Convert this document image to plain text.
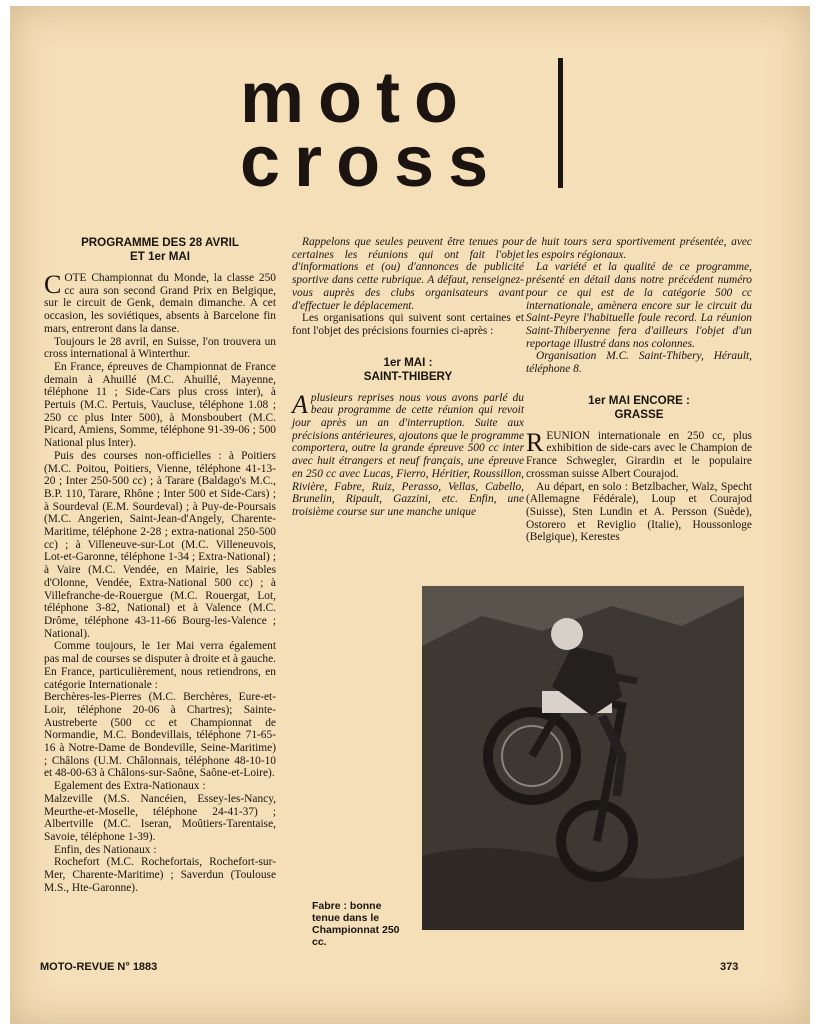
moto
cross
PROGRAMME DES 28 AVRIL
ET 1er MAI

COTE Championnat du Monde, la classe 250 cc aura son second Grand Prix en Belgique, sur le circuit de Genk, demain dimanche. A cet occasion, les soviétiques, absents à Barcelone fin mars, entreront dans la danse.

Toujours le 28 avril, en Suisse, l'on trouvera un cross international à Winterthur.

En France, épreuves de Championnat de France demain à Ahuillé (M.C. Ahuillé, Mayenne, téléphone 11 ; Side-Cars plus cross inter), à Pertuis (M.C. Pertuis, Vaucluse, téléphone 1.08 ; 250 cc plus Inter 500), à Monsboubert (M.C. Picard, Amiens, Somme, téléphone 91-39-06 ; 500 National plus Inter).

Puis des courses non-officielles : à Poitiers (M.C. Poitou, Poitiers, Vienne, téléphone 41-13-20 ; Inter 250-500 cc) ; à Tarare (Baldago's M.C., B.P. 110, Tarare, Rhône ; Inter 500 et Side-Cars) ; à Sourdeval (E.M. Sourdeval) ; à Puy-de-Poursais (M.C. Angerien, Saint-Jean-d'Angely, Charente-Maritime, téléphone 2-28 ; extra-national 250-500 cc) ; à Villeneuve-sur-Lot (M.C. Villeneuvois, Lot-et-Garonne, téléphone 1-34 ; Extra-National) ; à Vaire (M.C. Vendée, en Mairie, les Sables d'Olonne, Vendée, Extra-National 500 cc) ; à Villefranche-de-Rouergue (M.C. Rouergat, Lot, téléphone 3-82, National) et à Valence (M.C. Drôme, téléphone 43-11-66 Bourg-les-Valence ; National).

Comme toujours, le 1er Mai verra également pas mal de courses se disputer à droite et à gauche. En France, particulièrement, nous retiendrons, en catégorie Internationale :

Berchères-les-Pierres (M.C. Berchères, Eure-et-Loir, téléphone 20-06 à Chartres); Sainte-Austreberte (500 cc et Championnat de Normandie, M.C. Bondevillais, téléphone 71-65-16 à Notre-Dame de Bondeville, Seine-Maritime) ; Châlons (U.M. Châlonnais, téléphone 48-10-10 et 48-00-63 à Châlons-sur-Saône, Saône-et-Loire).

Egalement des Extra-Nationaux :

Malzeville (M.S. Nancéien, Essey-les-Nancy, Meurthe-et-Moselle, téléphone 24-41-37) ; Albertville (M.C. Iseran, Moûtiers-Tarentaise, Savoie, téléphone 1-39).

Enfin, des Nationaux :

Rochefort (M.C. Rochefortais, Rochefort-sur-Mer, Charente-Maritime) ; Saverdun (Toulouse M.S., Hte-Garonne).

Rappelons que seules peuvent être tenues pour certaines les réunions qui ont fait l'objet d'informations et (ou) d'annonces de publicité sportive dans cette rubrique. A défaut, renseignez-vous auprès des clubs organisateurs avant d'effectuer le déplacement.

Les organisations qui suivent sont certaines et font l'objet des précisions fournies ci-après :

1er MAI :
SAINT-THIBERY

Aplusieurs reprises nous vous avons parlé du beau programme de cette réunion qui revoit jour après un an d'interruption. Suite aux précisions antérieures, ajoutons que le programme comportera, outre la grande épreuve 500 cc inter avec huit étrangers et neuf français, une épreuve en 250 cc avec Lucas, Fierro, Héritier, Roussillon, Rivière, Fabre, Ruiz, Perasso, Vellas, Cabello, Brunelin, Ripault, Gazzini, etc. Enfin, une troisième course sur une manche unique

de huit tours sera sportivement présentée, avec les espoirs régionaux.

La variété et la qualité de ce programme, présenté en détail dans notre précédent numéro pour ce qui est de la catégorie 500 cc internationale, amènera encore sur le circuit du Saint-Peyre l'habituelle foule record. La réunion Saint-Thiberyenne fera d'ailleurs l'objet d'un reportage illustré dans nos colonnes.

Organisation M.C. Saint-Thibery, Hérault, téléphone 8.

1er MAI ENCORE :
GRASSE

REUNION internationale en 250 cc, plus exhibition de side-cars avec le Champion de France Schwegler, Girardin et le populaire crossman suisse Albert Courajod.

Au départ, en solo : Betzlbacher, Walz, Specht (Allemagne Fédérale), Loup et Courajod (Suisse), Sten Lundin et A. Persson (Suède), Ostorero et Reviglio (Italie), Houssonloge (Belgique), Kerestes

Fabre : bonne tenue dans le Championnat 250 cc.
MOTO-REVUE N° 1883	373
